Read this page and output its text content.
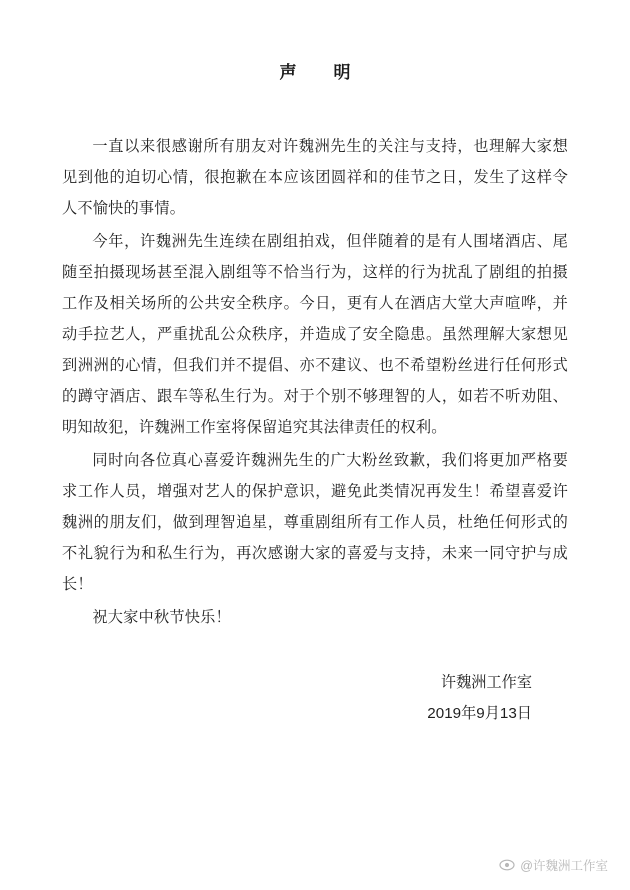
声　明

一直以来很感谢所有朋友对许魏洲先生的关注与支持，也理解大家想见到他的迫切心情，很抱歉在本应该团圆祥和的佳节之日，发生了这样令人不愉快的事情。

今年，许魏洲先生连续在剧组拍戏，但伴随着的是有人围堵酒店、尾随至拍摄现场甚至混入剧组等不恰当行为，这样的行为扰乱了剧组的拍摄工作及相关场所的公共安全秩序。今日，更有人在酒店大堂大声喧哗，并动手拉艺人，严重扰乱公众秩序，并造成了安全隐患。虽然理解大家想见到洲洲的心情，但我们并不提倡、亦不建议、也不希望粉丝进行任何形式的蹲守酒店、跟车等私生行为。对于个别不够理智的人，如若不听劝阻、明知故犯，许魏洲工作室将保留追究其法律责任的权利。

同时向各位真心喜爱许魏洲先生的广大粉丝致歉，我们将更加严格要求工作人员，增强对艺人的保护意识，避免此类情况再发生！希望喜爱许魏洲的朋友们，做到理智追星，尊重剧组所有工作人员，杜绝任何形式的不礼貌行为和私生行为，再次感谢大家的喜爱与支持，未来一同守护与成长！

祝大家中秋节快乐！

许魏洲工作室
2019年9月13日
@许魏洲工作室
